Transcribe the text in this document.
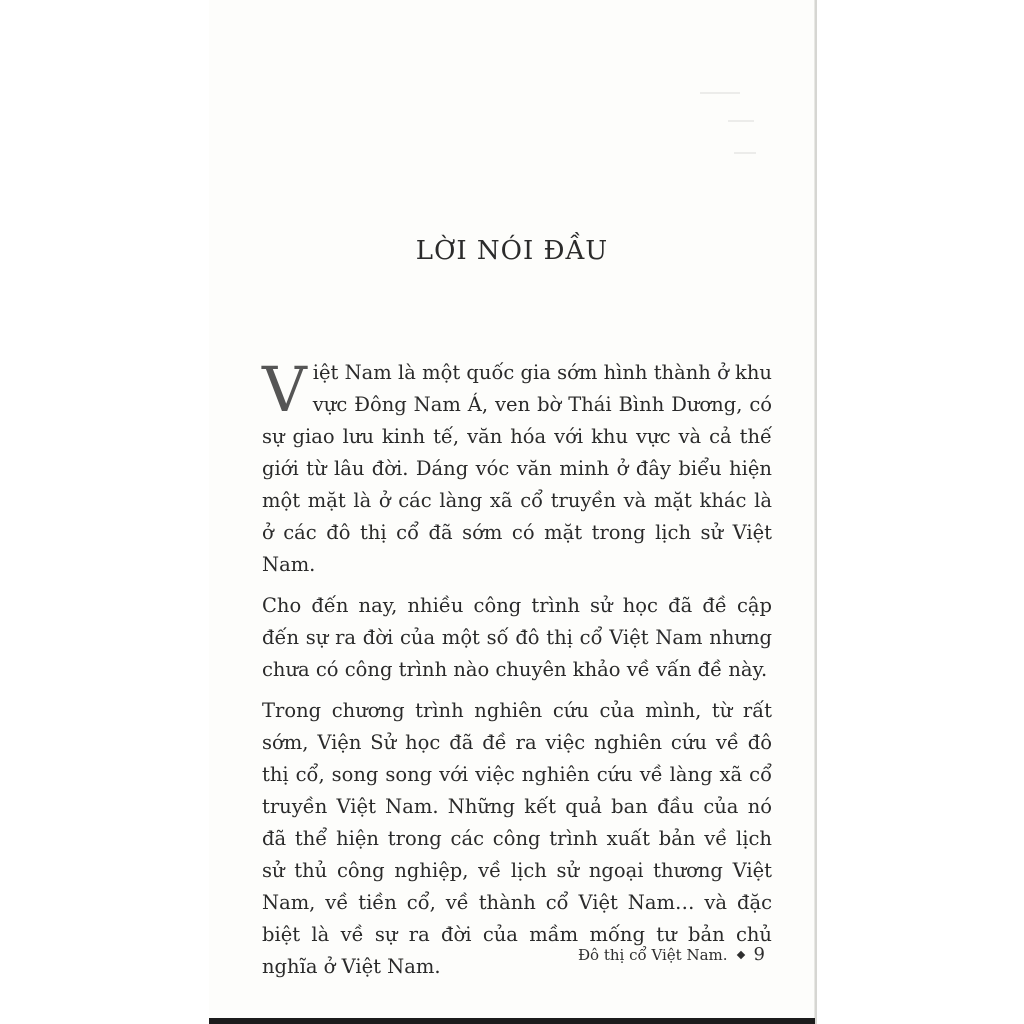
LỜI NÓI ĐẦU

Việt Nam là một quốc gia sớm hình thành ở khu vực Đông Nam Á, ven bờ Thái Bình Dương, có sự giao lưu kinh tế, văn hóa với khu vực và cả thế giới từ lâu đời. Dáng vóc văn minh ở đây biểu hiện một mặt là ở các làng xã cổ truyền và mặt khác là ở các đô thị cổ đã sớm có mặt trong lịch sử Việt Nam.

Cho đến nay, nhiều công trình sử học đã đề cập đến sự ra đời của một số đô thị cổ Việt Nam nhưng chưa có công trình nào chuyên khảo về vấn đề này.

Trong chương trình nghiên cứu của mình, từ rất sớm, Viện Sử học đã đề ra việc nghiên cứu về đô thị cổ, song song với việc nghiên cứu về làng xã cổ truyền Việt Nam. Những kết quả ban đầu của nó đã thể hiện trong các công trình xuất bản về lịch sử thủ công nghiệp, về lịch sử ngoại thương Việt Nam, về tiền cổ, về thành cổ Việt Nam… và đặc biệt là về sự ra đời của mầm mống tư bản chủ nghĩa ở Việt Nam.	Đô thị cổ Việt Nam. 9
